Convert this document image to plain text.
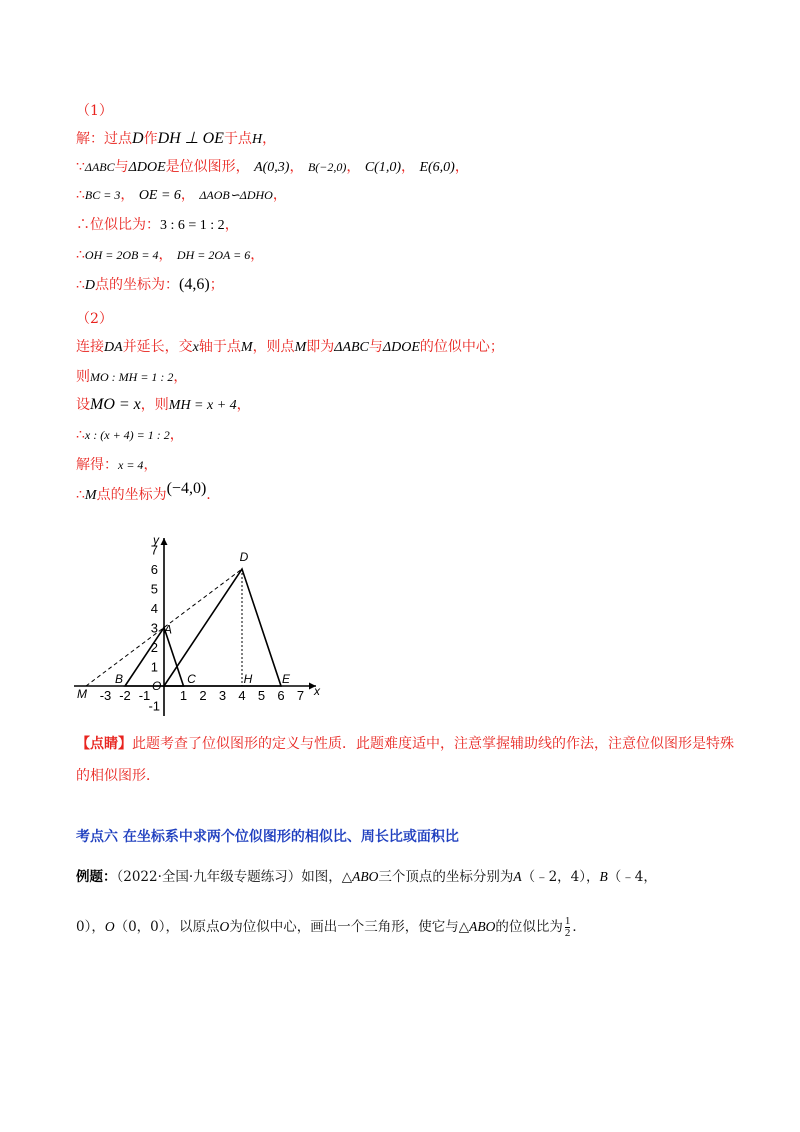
（1）
解：过点D作DH ⊥ OE于点H，
∵ΔABC与ΔDOE是位似图形， A(0,3)， B(−2,0)， C(1,0)， E(6,0)，
∴BC = 3， OE = 6， ΔAOB∽ΔDHO，
∴位似比为：3 : 6 = 1 : 2，
∴OH = 2OB = 4， DH = 2OA = 6，
∴D点的坐标为：(4,6)；
（2）
连接DA并延长，交x轴于点M，则点M即为ΔABC与ΔDOE的位似中心；
则MO : MH = 1 : 2，
设MO = x，则MH = x + 4，
∴x : (x + 4) = 1 : 2，
解得：x = 4，
∴M点的坐标为(−4,0).
x
y
-3 -2 -1 1 2 3 4 5 6 7
1
2
3
4
5
6
7
-1
O
M
B	C
A
D
H E
【点睛】此题考查了位似图形的定义与性质．此题难度适中，注意掌握辅助线的作法，注意位似图形是特殊的相似图形．
考点六 在坐标系中求两个位似图形的相似比、周长比或面积比
例题：（2022·全国·九年级专题练习）如图，△ABO三个顶点的坐标分别为A（﹣2，4），B（﹣4，
0），O（0，0），以原点O为位似中心，画出一个三角形，使它与△ABO的位似比为 $\frac{1}{2}$ ．
